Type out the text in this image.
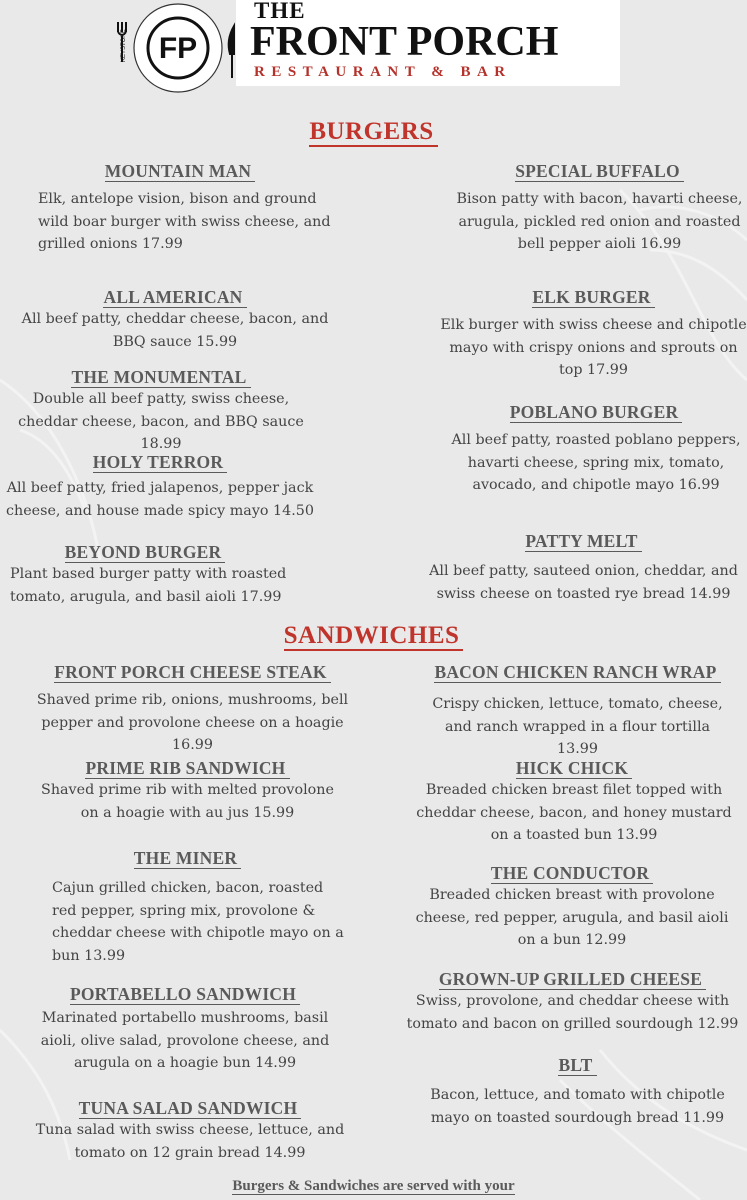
THE
FRONT PORCH
RESTAURANT & BAR
FP
KEYSTONE
BURGERS
MOUNTAIN MAN
Elk, antelope vision, bison and ground wild boar burger with swiss cheese, and grilled onions 17.99
SPECIAL BUFFALO
Bison patty with bacon, havarti cheese, arugula, pickled red onion and roasted bell pepper aioli 16.99
ALL AMERICAN
All beef patty, cheddar cheese, bacon, and BBQ sauce 15.99
ELK BURGER
Elk burger with swiss cheese and chipotle mayo with crispy onions and sprouts on top 17.99
THE MONUMENTAL
Double all beef patty, swiss cheese, cheddar cheese, bacon, and BBQ sauce 18.99
POBLANO BURGER
All beef patty, roasted poblano peppers, havarti cheese, spring mix, tomato, avocado, and chipotle mayo 16.99
HOLY TERROR
All beef patty, fried jalapenos, pepper jack cheese, and house made spicy mayo 14.50
PATTY MELT
All beef patty, sauteed onion, cheddar, and swiss cheese on toasted rye bread 14.99
BEYOND BURGER
Plant based burger patty with roasted tomato, arugula, and basil aioli 17.99
SANDWICHES
FRONT PORCH CHEESE STEAK
Shaved prime rib, onions, mushrooms, bell pepper and provolone cheese on a hoagie 16.99
BACON CHICKEN RANCH WRAP
Crispy chicken, lettuce, tomato, cheese, and ranch wrapped in a flour tortilla 13.99
PRIME RIB SANDWICH
Shaved prime rib with melted provolone on a hoagie with au jus 15.99
HICK CHICK
Breaded chicken breast filet topped with cheddar cheese, bacon, and honey mustard on a toasted bun 13.99
THE MINER
Cajun grilled chicken, bacon, roasted red pepper, spring mix, provolone & cheddar cheese with chipotle mayo on a bun 13.99
THE CONDUCTOR
Breaded chicken breast with provolone cheese, red pepper, arugula, and basil aioli on a bun 12.99
PORTABELLO SANDWICH
Marinated portabello mushrooms, basil aioli, olive salad, provolone cheese, and arugula on a hoagie bun 14.99
GROWN-UP GRILLED CHEESE
Swiss, provolone, and cheddar cheese with tomato and bacon on grilled sourdough 12.99
TUNA SALAD SANDWICH
Tuna salad with swiss cheese, lettuce, and tomato on 12 grain bread 14.99
BLT
Bacon, lettuce, and tomato with chipotle mayo on toasted sourdough bread 11.99
Burgers & Sandwiches are served with your
